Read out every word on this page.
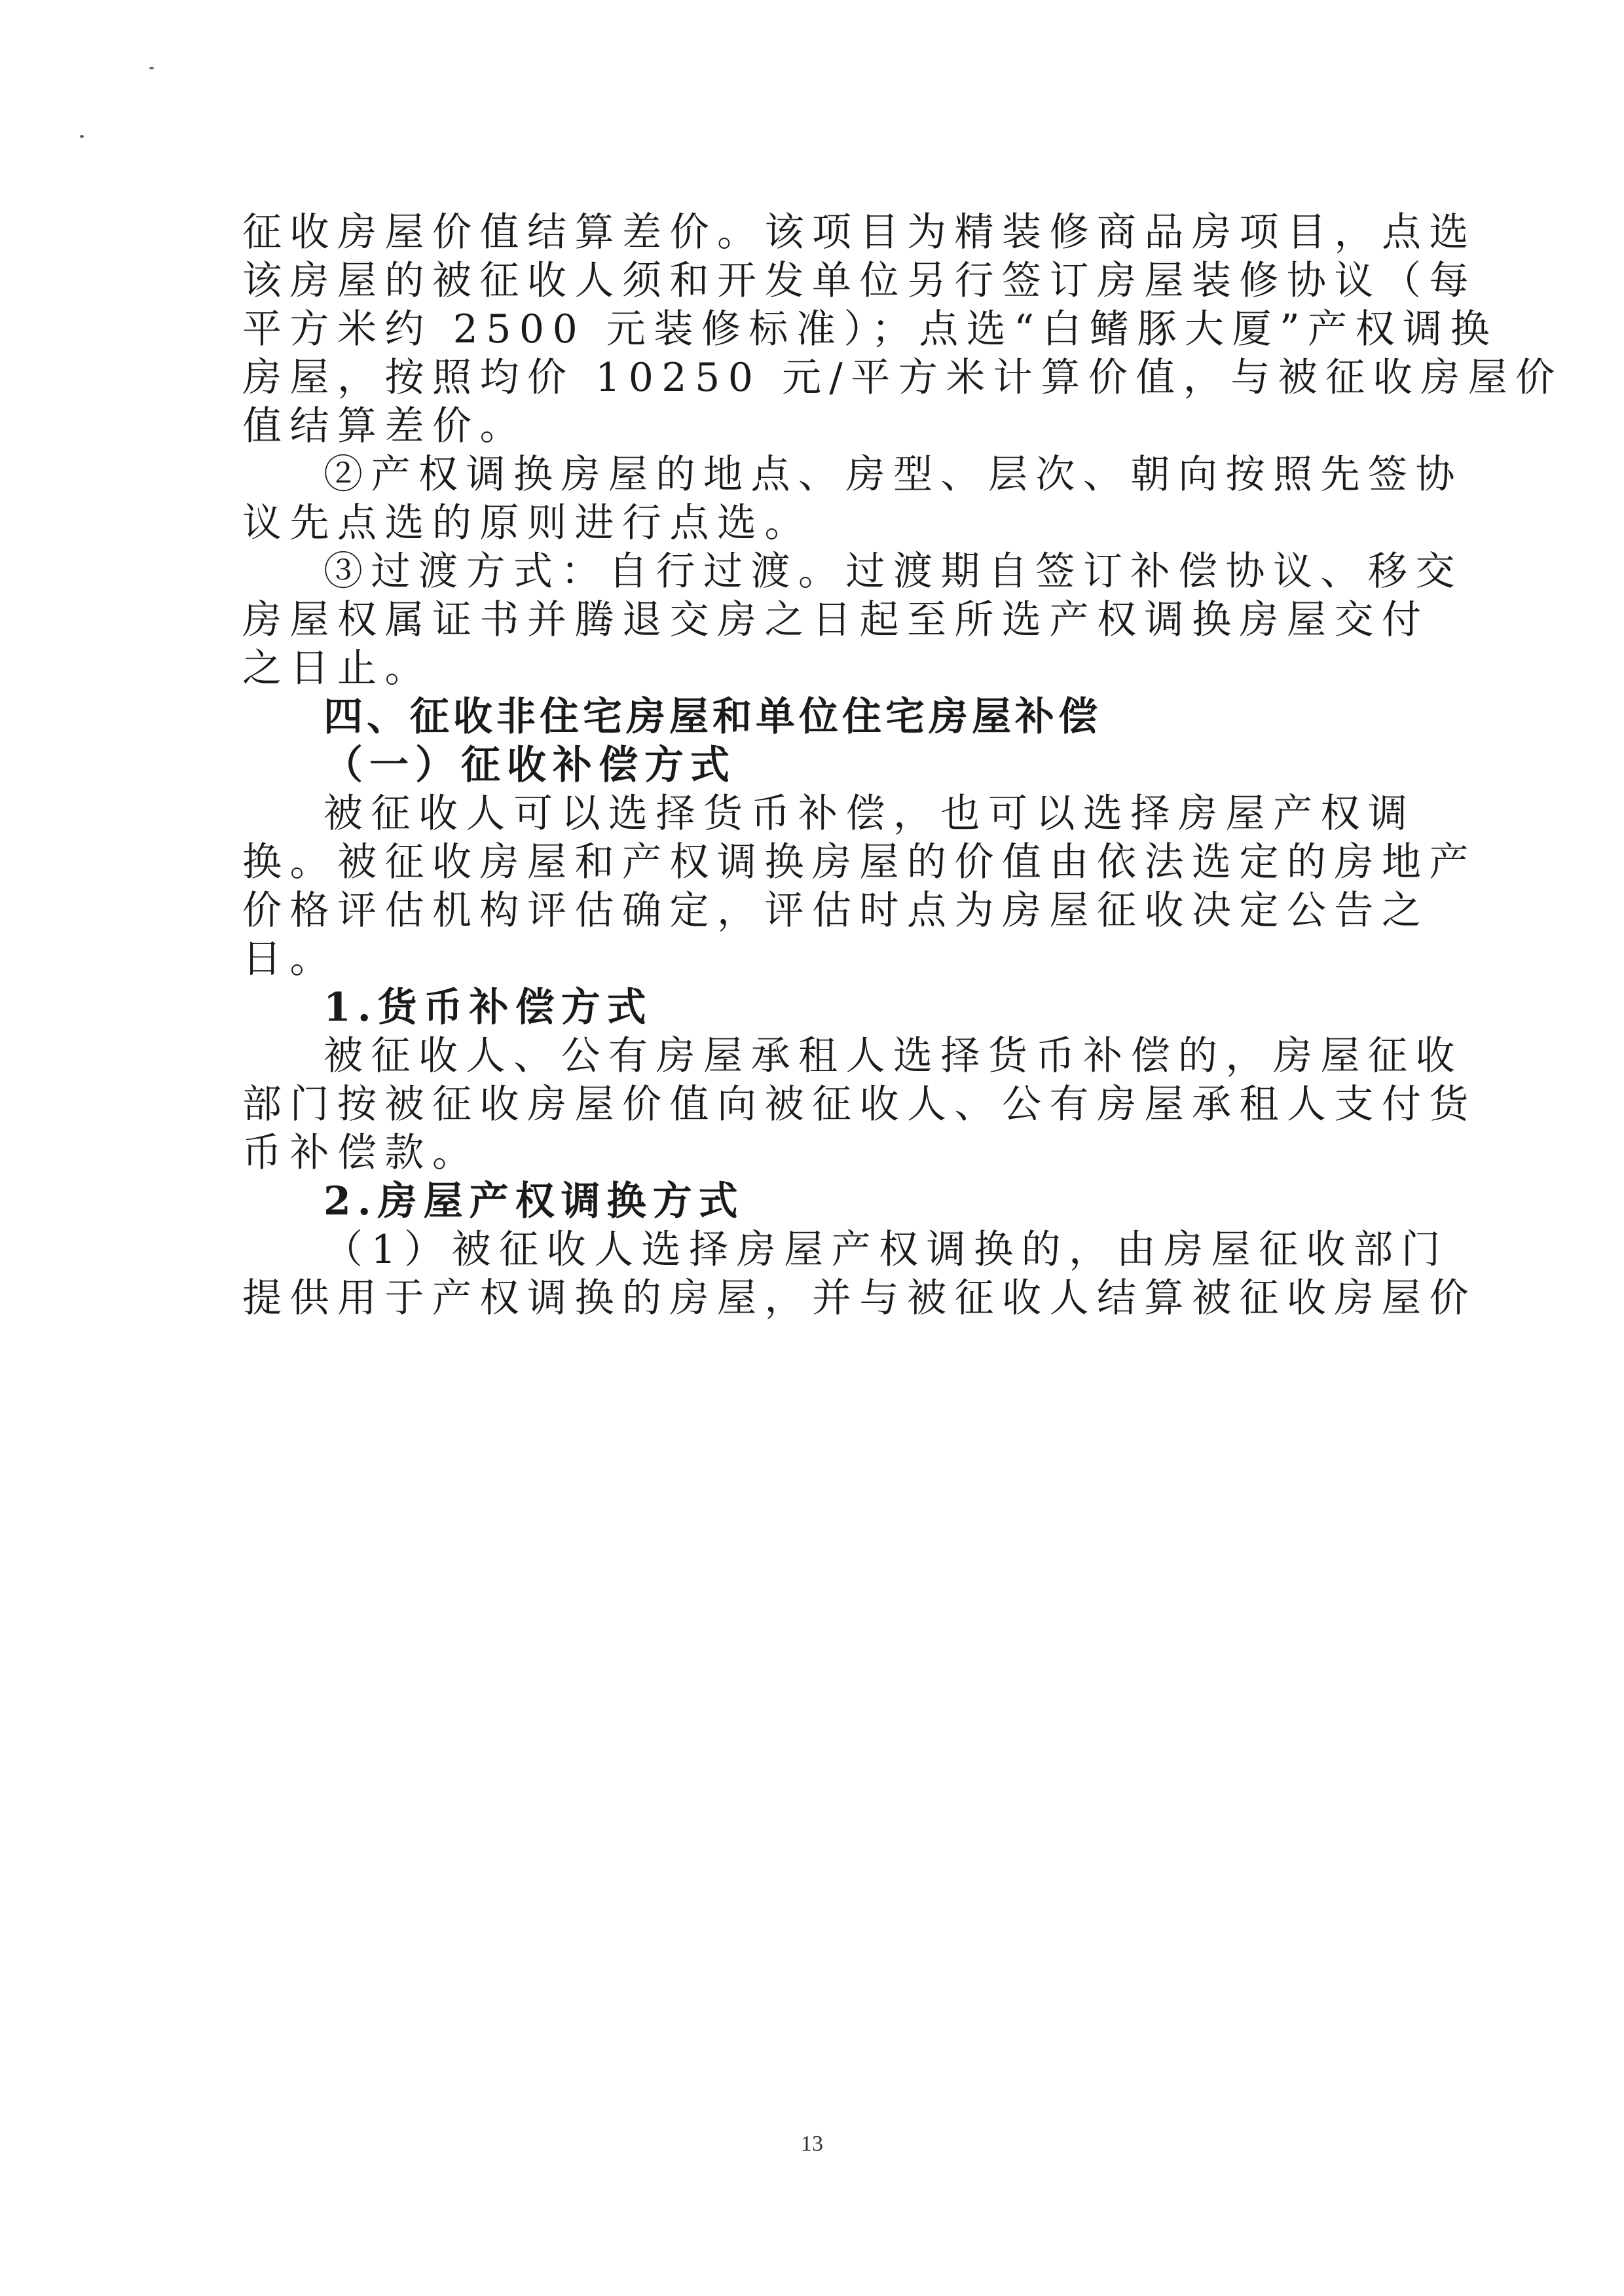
征收房屋价值结算差价。该项目为精装修商品房项目，点选
该房屋的被征收人须和开发单位另行签订房屋装修协议（每
平方米约 2500 元装修标准）；点选“白鳍豚大厦”产权调换
房屋，按照均价 10250 元/平方米计算价值，与被征收房屋价
值结算差价。
②产权调换房屋的地点、房型、层次、朝向按照先签协
议先点选的原则进行点选。
③过渡方式：自行过渡。过渡期自签订补偿协议、移交
房屋权属证书并腾退交房之日起至所选产权调换房屋交付
之日止。
四、征收非住宅房屋和单位住宅房屋补偿
（一）征收补偿方式
被征收人可以选择货币补偿，也可以选择房屋产权调
换。被征收房屋和产权调换房屋的价值由依法选定的房地产
价格评估机构评估确定，评估时点为房屋征收决定公告之
日。
1.货币补偿方式
被征收人、公有房屋承租人选择货币补偿的，房屋征收
部门按被征收房屋价值向被征收人、公有房屋承租人支付货
币补偿款。
2.房屋产权调换方式
（1）被征收人选择房屋产权调换的，由房屋征收部门
提供用于产权调换的房屋，并与被征收人结算被征收房屋价
13
